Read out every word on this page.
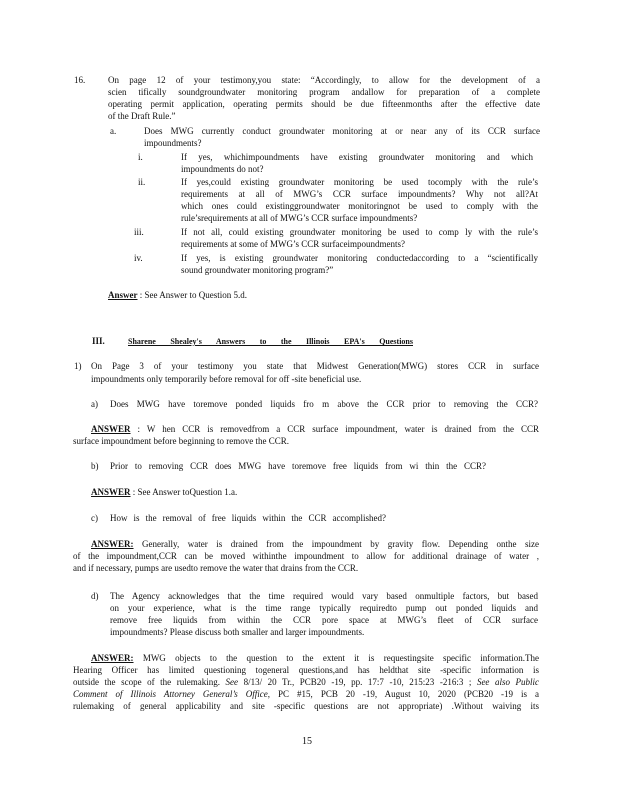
16.	On page 12 of your testimony,you state: “Accordingly, to allow for the development of a
scien tifically soundgroundwater monitoring program andallow for preparation of a complete
operating permit application, operating permits should be due fifteenmonths after the effective date
of the Draft Rule.”
a.	Does MWG currently conduct groundwater monitoring at or near any of its CCR surface
impoundments?
i.	If yes, whichimpoundments have existing groundwater monitoring and which
impoundments do not?
ii.	If yes,could existing groundwater monitoring be used tocomply with the rule’s
requirements at all of MWG’s CCR surface impoundments? Why not all?At
which ones could existinggroundwater monitoringnot be used to comply with the
rule’srequirements at all of MWG’s CCR surface impoundments?
iii.	If not all, could existing groundwater monitoring be used to comp ly with the rule’s
requirements at some of MWG’s CCR surfaceimpoundments?
iv.	If yes, is existing groundwater monitoring conductedaccording to a “scientifically
sound groundwater monitoring program?”
Answer : See Answer to Question 5.d.
III.	Sharene Shealey's Answers to the Illinois EPA's Questions
1) On Page 3 of your testimony you state that Midwest Generation(MWG) stores CCR in surface
impoundments only temporarily before removal for off -site beneficial use.
a) Does MWG have toremove ponded liquids fro m above the CCR prior to removing the CCR?
ANSWER : W hen CCR is removedfrom a CCR surface impoundment, water is drained from the CCR
surface impoundment before beginning to remove the CCR.
b) Prior to removing CCR does MWG have toremove free liquids from wi thin the CCR?
ANSWER : See Answer toQuestion 1.a.
c) How is the removal of free liquids within the CCR accomplished?
ANSWER: Generally, water is drained from the impoundment by gravity flow. Depending onthe size
of the impoundment,CCR can be moved withinthe impoundment to allow for additional drainage of water ,
and if necessary, pumps are usedto remove the water that drains from the CCR.
d) The Agency acknowledges that the time required would vary based onmultiple factors, but based
on your experience, what is the time range typically requiredto pump out ponded liquids and
remove free liquids from within the CCR pore space at MWG’s fleet of CCR surface
impoundments? Please discuss both smaller and larger impoundments.
ANSWER: MWG objects to the question to the extent it is requestingsite specific information.The
Hearing Officer has limited questioning togeneral questions,and has heldthat site -specific information is
outside the scope of the rulemaking. See 8/13/ 20 Tr., PCB20 -19, pp. 17:7 -10, 215:23 -216:3 ; See also Public
Comment of Illinois Attorney General’s Office, PC #15, PCB 20 -19, August 10, 2020 (PCB20 -19 is a
rulemaking of general applicability and site -specific questions are not appropriate) .Without waiving its
15
